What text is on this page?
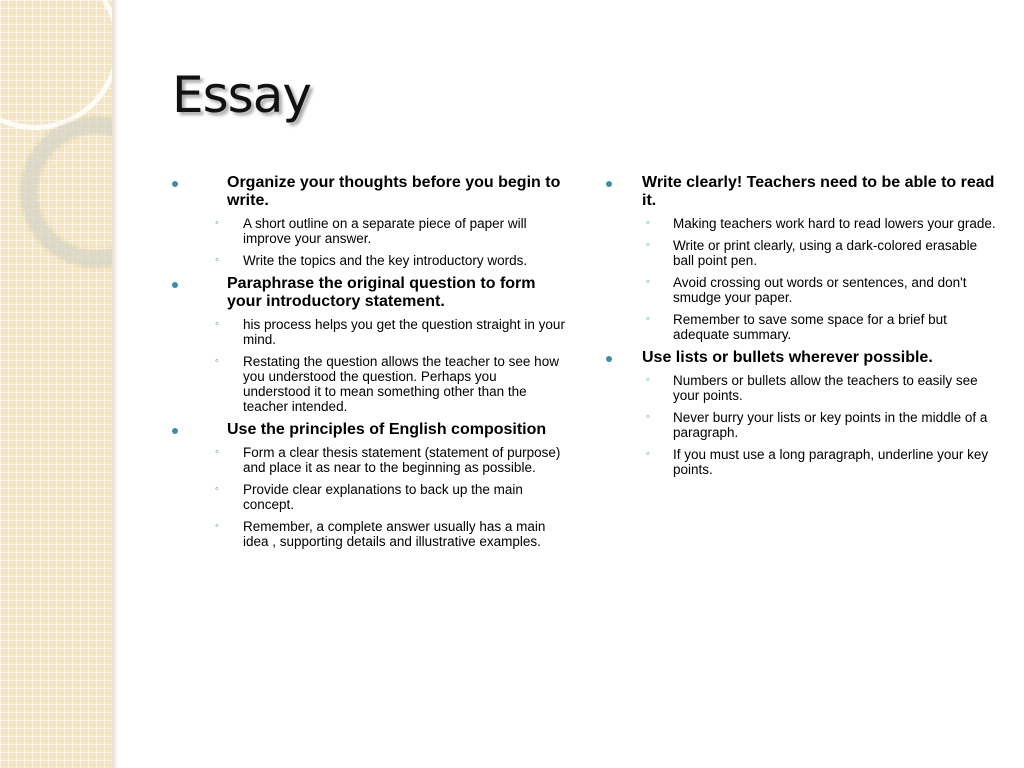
Essay
Organize your thoughts before you begin to write.
◦	A short outline on a separate piece of paper will improve your answer.
◦	Write the topics and the key introductory words.
Paraphrase the original question to form your introductory statement.
◦	his process helps you get the question straight in your mind.
◦	Restating the question allows the teacher to see how you understood the question. Perhaps you understood it to mean something other than the teacher intended.
Use the principles of English composition
◦	Form a clear thesis statement (statement of purpose) and place it as near to the beginning as possible.
◦	Provide clear explanations to back up the main concept.
◦	Remember, a complete answer usually has a main idea , supporting details and illustrative examples.
Write clearly! Teachers need to be able to read it.
◦	Making teachers work hard to read lowers your grade.
◦	Write or print clearly, using a dark-colored erasable ball point pen.
◦	Avoid crossing out words or sentences, and don't smudge your paper.
◦	Remember to save some space for a brief but adequate summary.
Use lists or bullets wherever possible.
◦	Numbers or bullets allow the teachers to easily see your points.
◦	Never burry your lists or key points in the middle of a paragraph.
◦	If you must use a long paragraph, underline your key points.
